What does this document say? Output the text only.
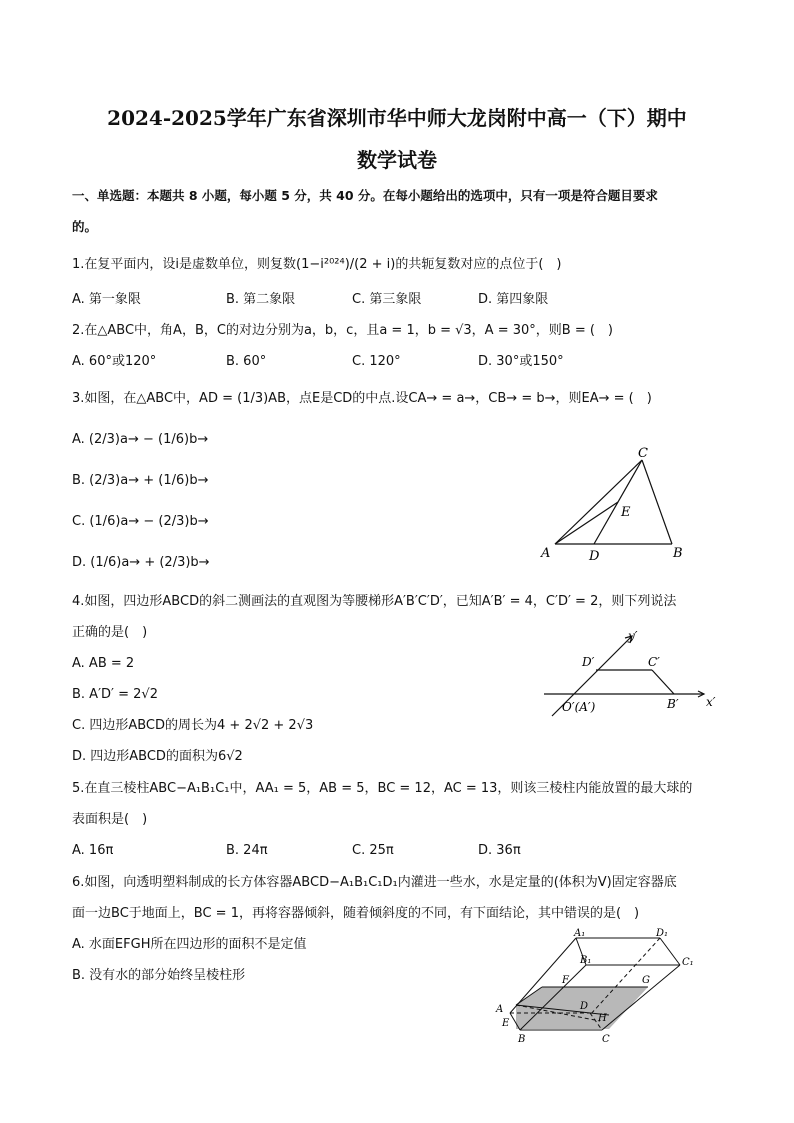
2024-2025学年广东省深圳市华中师大龙岗附中高一（下）期中
数学试卷
一、单选题：本题共 8 小题，每小题 5 分，共 40 分。在每小题给出的选项中，只有一项是符合题目要求
的。
1.在复平面内，设i是虚数单位，则复数(1−i²⁰²⁴)/(2 + i)的共轭复数对应的点位于(　)
A. 第一象限	B. 第二象限	C. 第三象限	D. 第四象限
2.在△ABC中，角A，B，C的对边分别为a，b，c，且a = 1，b = √3，A = 30°，则B = (　)
A. 60°或120°	B. 60°	C. 120°	D. 30°或150°
3.如图，在△ABC中，AD = (1/3)AB，点E是CD的中点.设CA→ = a→，CB→ = b→，则EA→ = (　)
A. (2/3)a→ − (1/6)b→
B. (2/3)a→ + (1/6)b→
C. (1/6)a→ − (2/3)b→
D. (1/6)a→ + (2/3)b→
C
E
A	D	B
4.如图，四边形ABCD的斜二测画法的直观图为等腰梯形A′B′C′D′，已知A′B′ = 4，C′D′ = 2，则下列说法
正确的是(　)
A. AB = 2
B. A′D′ = 2√2
C. 四边形ABCD的周长为4 + 2√2 + 2√3
D. 四边形ABCD的面积为6√2
y′
D′	C′
O′(A′)	B′ x′
5.在直三棱柱ABC−A₁B₁C₁中，AA₁ = 5，AB = 5，BC = 12，AC = 13，则该三棱柱内能放置的最大球的
表面积是(　)
A. 16π	B. 24π	C. 25π	D. 36π
6.如图，向透明塑料制成的长方体容器ABCD−A₁B₁C₁D₁内灌进一些水，水是定量的(体积为V)固定容器底
面一边BC于地面上，BC = 1，再将容器倾斜，随着倾斜度的不同，有下面结论，其中错误的是(　)
A. 水面EFGH所在四边形的面积不是定值
B. 没有水的部分始终呈棱柱形
A₁	D₁
B₁	C₁
F	G
A	D
E	H
B	C
